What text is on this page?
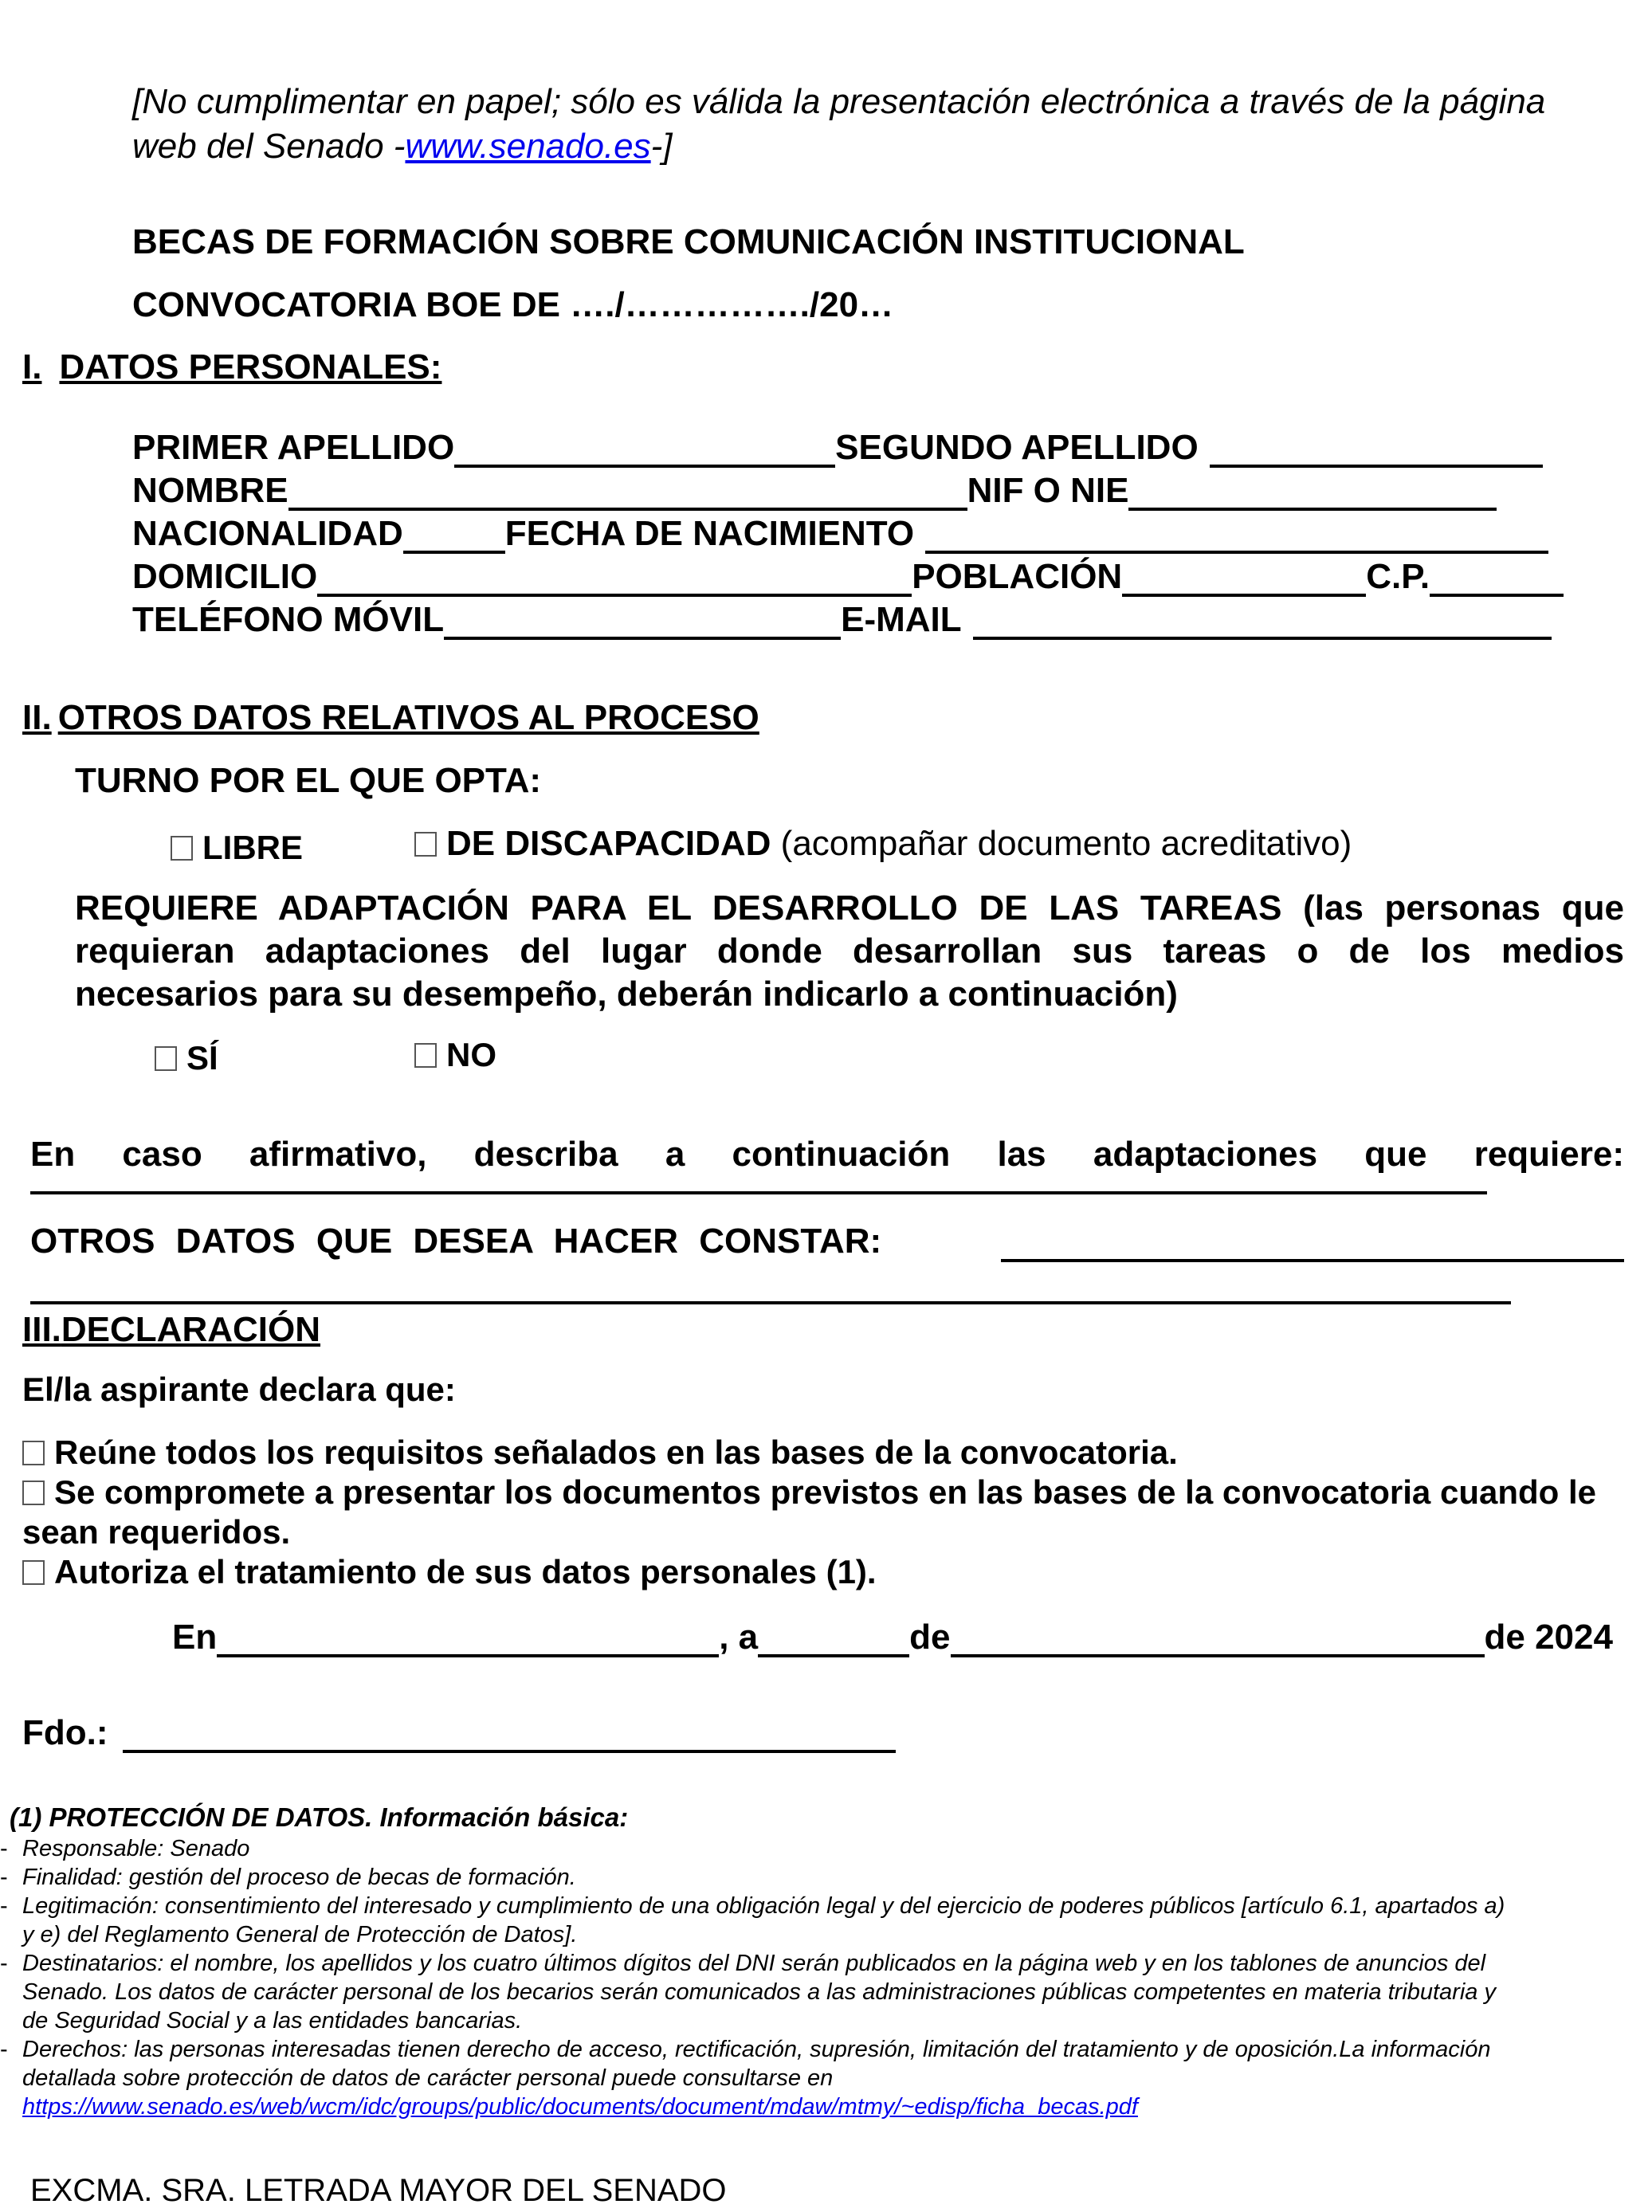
[No cumplimentar en papel; sólo es válida la presentación electrónica a través de la página
web del Senado -www.senado.es-]
BECAS DE FORMACIÓN SOBRE COMUNICACIÓN INSTITUCIONAL
CONVOCATORIA BOE DE …./……………./20…
I. DATOS PERSONALES:
PRIMER APELLIDO	SEGUNDO APELLIDO
NOMBRE	NIF O NIE
NACIONALIDAD	FECHA DE NACIMIENTO
DOMICILIO	POBLACIÓN	C.P.
TELÉFONO MÓVIL	E-MAIL
II. OTROS DATOS RELATIVOS AL PROCESO
TURNO POR EL QUE OPTA:
LIBRE	DE DISCAPACIDAD (acompañar documento acreditativo)
REQUIERE ADAPTACIÓN PARA EL DESARROLLO DE LAS TAREAS (las personas que
requieran adaptaciones del lugar donde desarrollan sus tareas o de los medios
necesarios para su desempeño, deberán indicarlo a continuación)
SÍ	NO
En caso afirmativo, describa a continuación las adaptaciones que requiere:
OTROS DATOS QUE DESEA HACER CONSTAR:
III.DECLARACIÓN
El/la aspirante declara que:
Reúne todos los requisitos señalados en las bases de la convocatoria.
Se compromete a presentar los documentos previstos en las bases de la convocatoria cuando le
sean requeridos.
Autoriza el tratamiento de sus datos personales (1).
En	, a	de	de 2024
Fdo.:
(1) PROTECCIÓN DE DATOS. Información básica:
- Responsable: Senado
- Finalidad: gestión del proceso de becas de formación.
- Legitimación: consentimiento del interesado y cumplimiento de una obligación legal y del ejercicio de poderes públicos [artículo 6.1, apartados a)
y e) del Reglamento General de Protección de Datos].
- Destinatarios: el nombre, los apellidos y los cuatro últimos dígitos del DNI serán publicados en la página web y en los tablones de anuncios del
Senado. Los datos de carácter personal de los becarios serán comunicados a las administraciones públicas competentes en materia tributaria y
de Seguridad Social y a las entidades bancarias.
- Derechos: las personas interesadas tienen derecho de acceso, rectificación, supresión, limitación del tratamiento y de oposición.La información
detallada sobre protección de datos de carácter personal puede consultarse en
https://www.senado.es/web/wcm/idc/groups/public/documents/document/mdaw/mtmy/~edisp/ficha_becas.pdf
EXCMA. SRA. LETRADA MAYOR DEL SENADO
